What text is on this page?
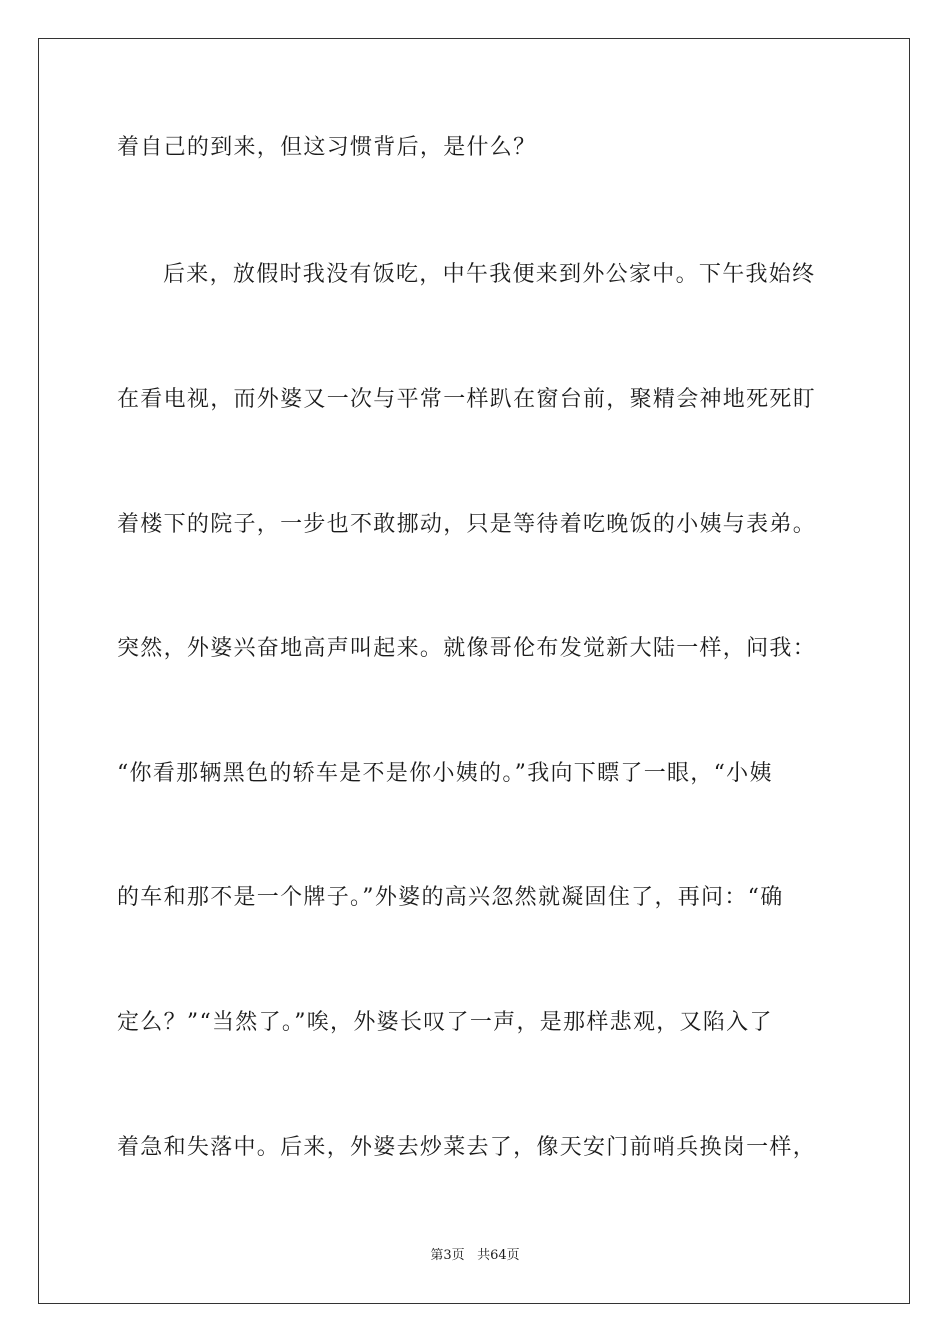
着自己的到来，但这习惯背后，是什么？
后来，放假时我没有饭吃，中午我便来到外公家中。下午我始终
在看电视，而外婆又一次与平常一样趴在窗台前，聚精会神地死死盯
着楼下的院子，一步也不敢挪动，只是等待着吃晚饭的小姨与表弟。
突然，外婆兴奋地高声叫起来。就像哥伦布发觉新大陆一样，问我：
“你看那辆黑色的轿车是不是你小姨的。”我向下瞟了一眼，“小姨
的车和那不是一个牌子。”外婆的高兴忽然就凝固住了，再问：“确
定么？”“当然了。”唉，外婆长叹了一声，是那样悲观，又陷入了
着急和失落中。后来，外婆去炒菜去了，像天安门前哨兵换岗一样，
第3页 共64页
